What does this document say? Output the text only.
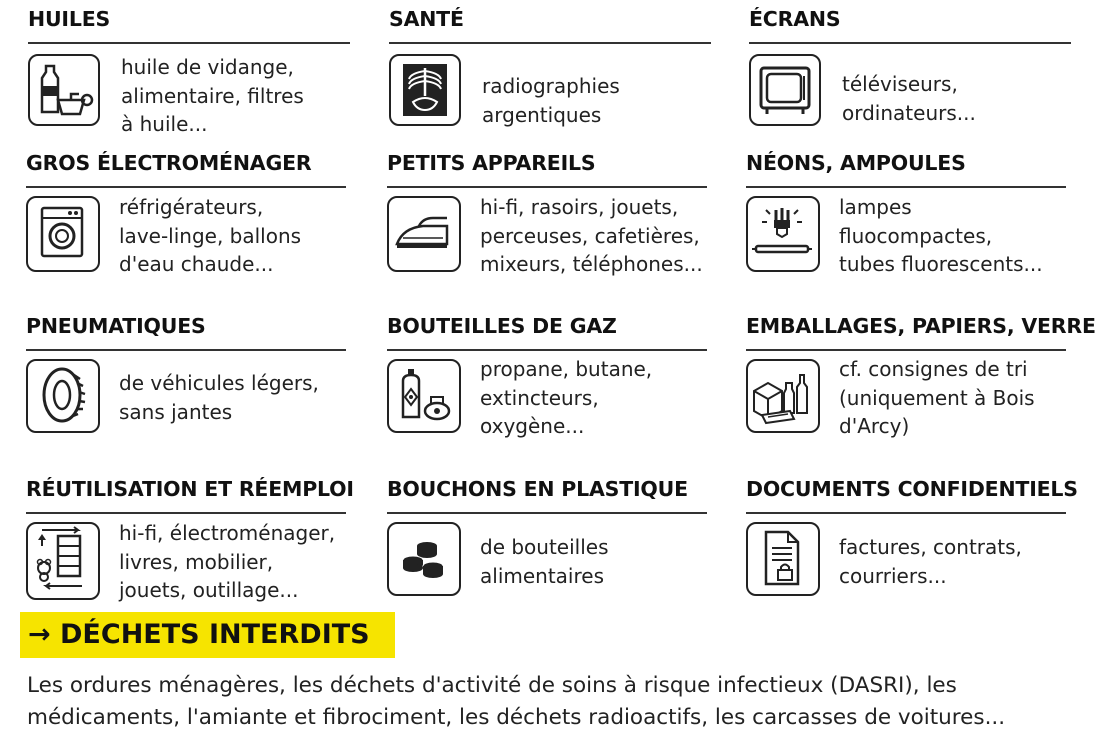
HUILES
huile de vidange,
alimentaire, filtres
à huile...
SANTÉ
radiographies
argentiques
ÉCRANS
téléviseurs,
ordinateurs...
GROS ÉLECTROMÉNAGER
réfrigérateurs,
lave-linge, ballons
d'eau chaude...
PETITS APPAREILS
hi-fi, rasoirs, jouets,
perceuses, cafetières,
mixeurs, téléphones...
NÉONS, AMPOULES
lampes
fluocompactes,
tubes fluorescents...
PNEUMATIQUES
de véhicules légers,
sans jantes
BOUTEILLES DE GAZ
propane, butane,
extincteurs,
oxygène...
EMBALLAGES, PAPIERS, VERRE
cf. consignes de tri
(uniquement à Bois
d'Arcy)
RÉUTILISATION ET RÉEMPLOI
hi-fi, électroménager,
livres, mobilier,
jouets, outillage...
BOUCHONS EN PLASTIQUE
de bouteilles
alimentaires
DOCUMENTS CONFIDENTIELS
factures, contrats,
courriers...
→ DÉCHETS INTERDITS
Les ordures ménagères, les déchets d'activité de soins à risque infectieux (DASRI), les
médicaments, l'amiante et fibrociment, les déchets radioactifs, les carcasses de voitures...
